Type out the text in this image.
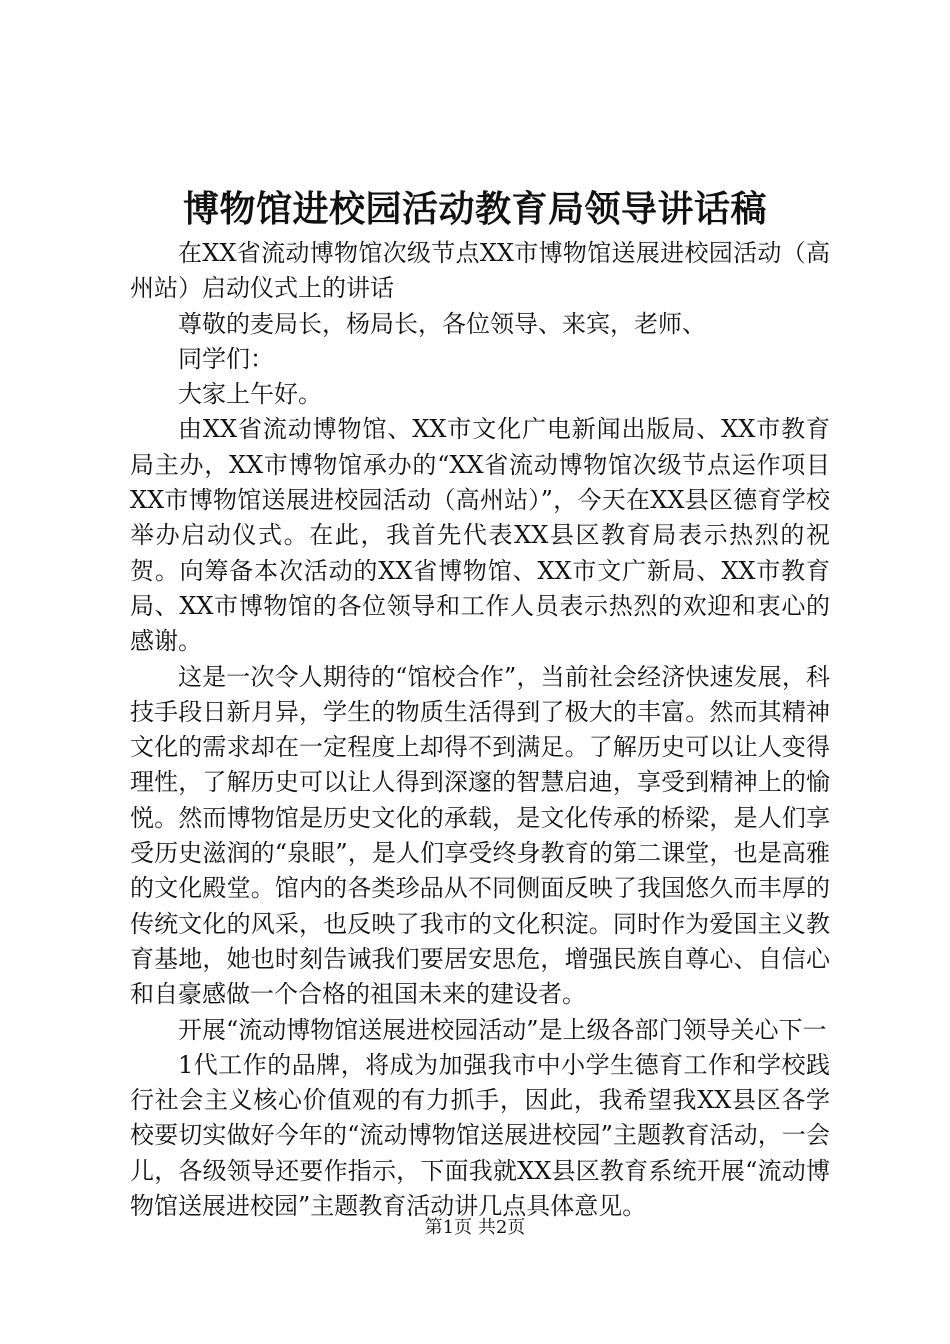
博物馆进校园活动教育局领导讲话稿

在XX省流动博物馆次级节点XX市博物馆送展进校园活动（高州站）启动仪式上的讲话

尊敬的麦局长，杨局长，各位领导、来宾，老师、

同学们：

大家上午好。

由XX省流动博物馆、XX市文化广电新闻出版局、XX市教育局主办，XX市博物馆承办的“XX省流动博物馆次级节点运作项目XX市博物馆送展进校园活动（高州站）”，今天在XX县区德育学校举办启动仪式。在此，我首先代表XX县区教育局表示热烈的祝贺。向筹备本次活动的XX省博物馆、XX市文广新局、XX市教育局、XX市博物馆的各位领导和工作人员表示热烈的欢迎和衷心的感谢。

这是一次令人期待的“馆校合作”，当前社会经济快速发展，科技手段日新月异，学生的物质生活得到了极大的丰富。然而其精神文化的需求却在一定程度上却得不到满足。了解历史可以让人变得理性，了解历史可以让人得到深邃的智慧启迪，享受到精神上的愉悦。然而博物馆是历史文化的承载，是文化传承的桥梁，是人们享受历史滋润的“泉眼”，是人们享受终身教育的第二课堂，也是高雅的文化殿堂。馆内的各类珍品从不同侧面反映了我国悠久而丰厚的传统文化的风采，也反映了我市的文化积淀。同时作为爱国主义教育基地，她也时刻告诫我们要居安思危，增强民族自尊心、自信心和自豪感做一个合格的祖国未来的建设者。

开展“流动博物馆送展进校园活动”是上级各部门领导关心下一

1代工作的品牌，将成为加强我市中小学生德育工作和学校践行社会主义核心价值观的有力抓手，因此，我希望我XX县区各学校要切实做好今年的“流动博物馆送展进校园”主题教育活动，一会儿，各级领导还要作指示，下面我就XX县区教育系统开展“流动博物馆送展进校园”主题教育活动讲几点具体意见。

第1页 共2页
